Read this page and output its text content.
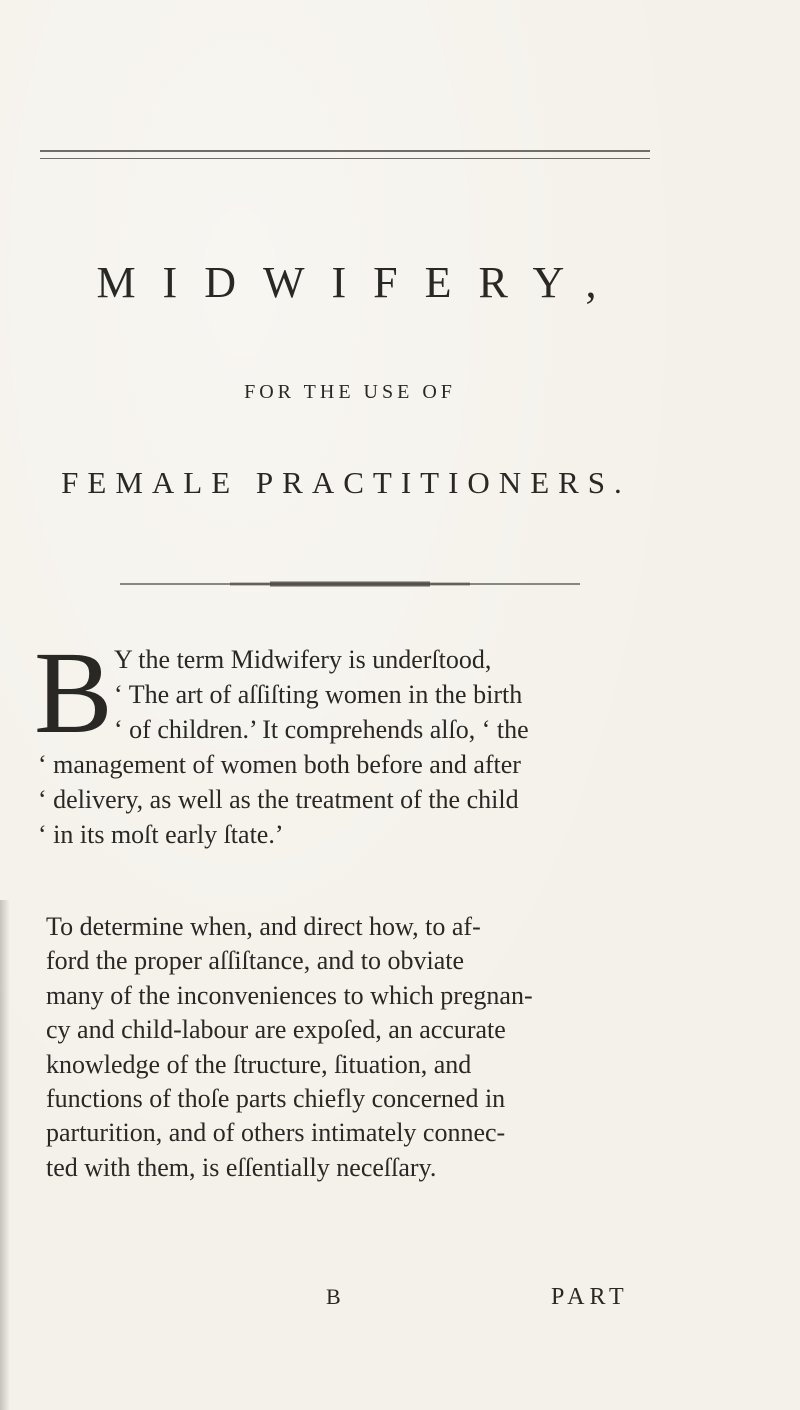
MIDWIFERY,
FOR THE USE OF
FEMALE PRACTITIONERS.
B Y the term Midwifery is underſtood,
‘ The art of aſſiſting women in the birth
‘ of children.’ It comprehends alſo, ‘ the
‘ management of women both before and after
‘ delivery, as well as the treatment of the child
‘ in its moſt early ſtate.’
To determine when, and direct how, to af-
ford the proper aſſiſtance, and to obviate
many of the inconveniences to which pregnan-
cy and child-labour are expoſed, an accurate
knowledge of the ſtructure, ſituation, and
functions of thoſe parts chiefly concerned in
parturition, and of others intimately connec-
ted with them, is eſſentially neceſſary.
B	PART
